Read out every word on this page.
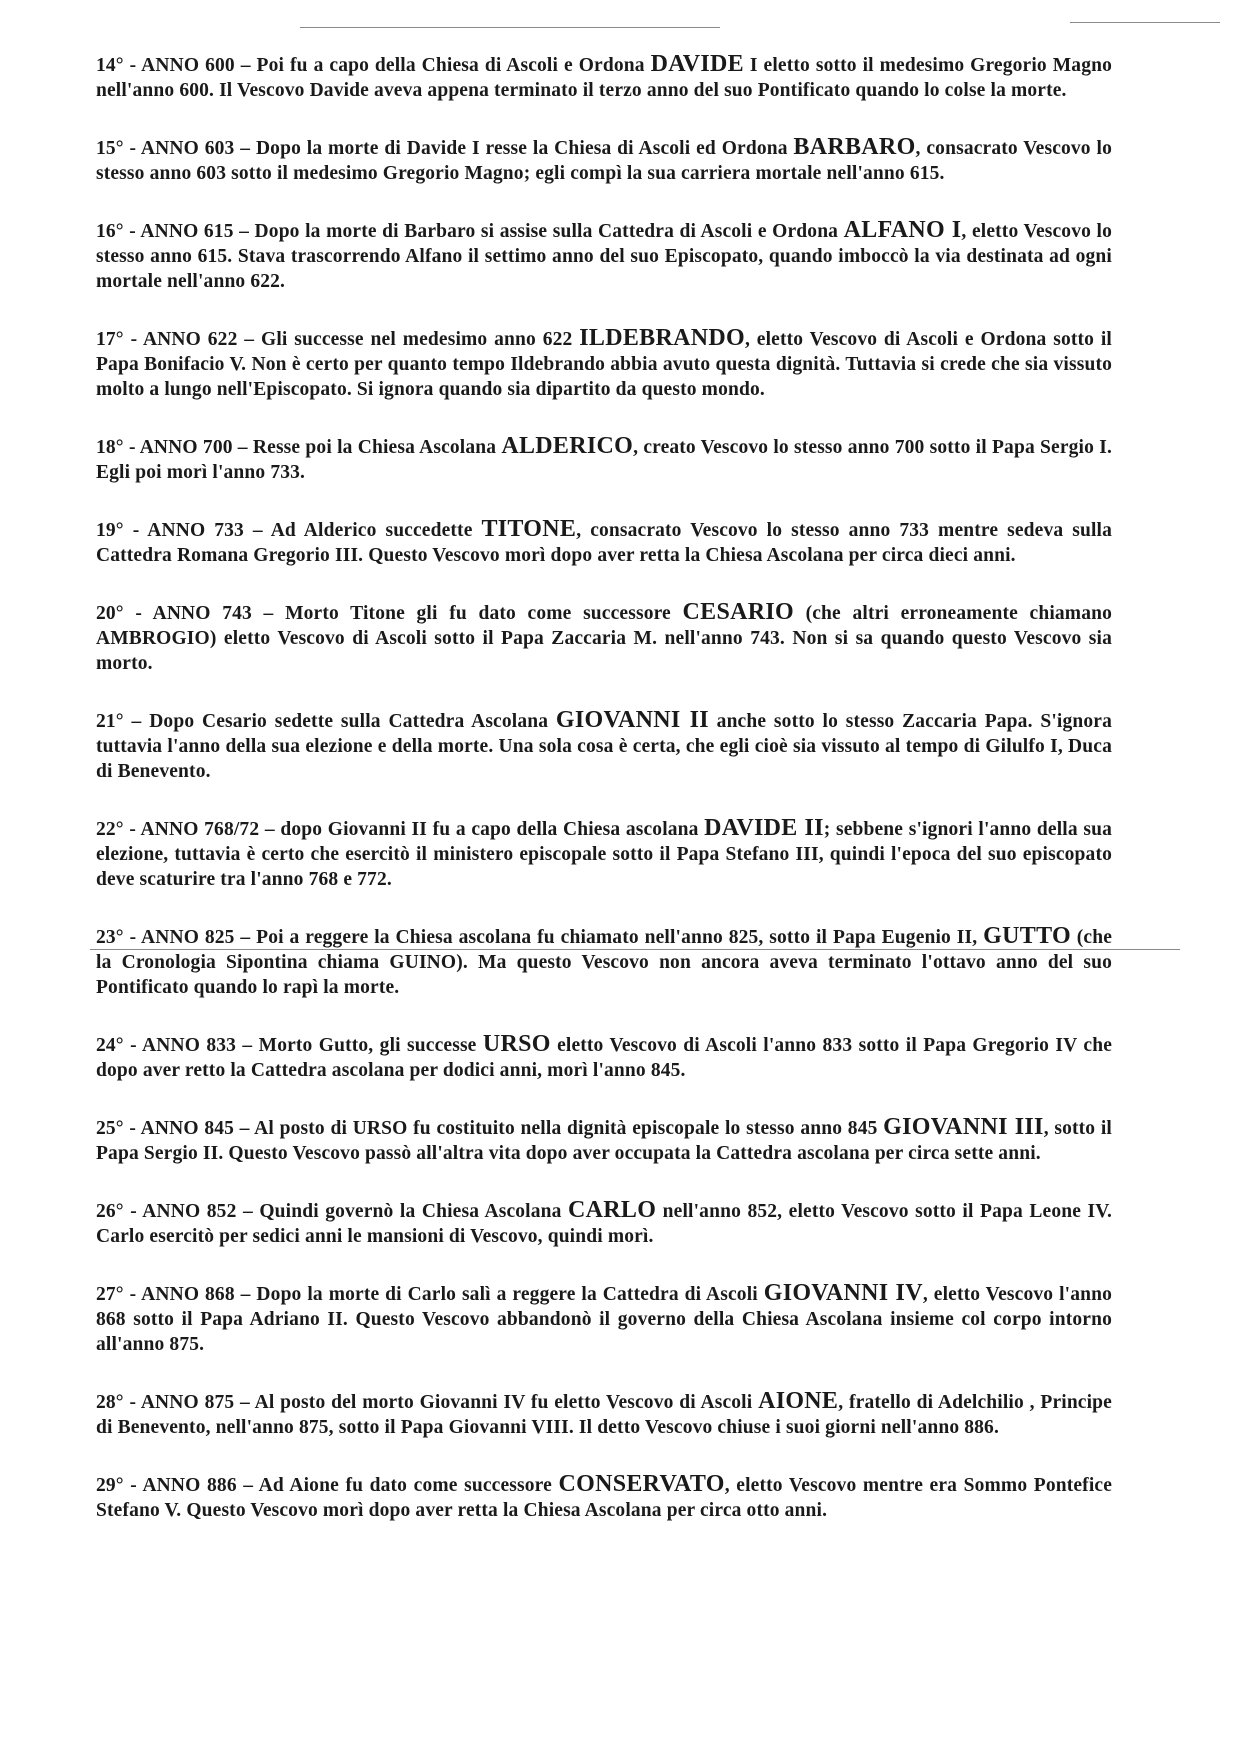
14° - ANNO 600 – Poi fu a capo della Chiesa di Ascoli e Ordona DAVIDE I eletto sotto il medesimo Gregorio Magno nell'anno 600. Il Vescovo Davide aveva appena terminato il terzo anno del suo Pontificato quando lo colse la morte.

15° - ANNO 603 – Dopo la morte di Davide I resse la Chiesa di Ascoli ed Ordona BARBARO, consacrato Vescovo lo stesso anno 603 sotto il medesimo Gregorio Magno; egli compì la sua carriera mortale nell'anno 615.

16° - ANNO 615 – Dopo la morte di Barbaro si assise sulla Cattedra di Ascoli e Ordona ALFANO I, eletto Vescovo lo stesso anno 615. Stava trascorrendo Alfano il settimo anno del suo Episcopato, quando imboccò la via destinata ad ogni mortale nell'anno 622.

17° - ANNO 622 – Gli successe nel medesimo anno 622 ILDEBRANDO, eletto Vescovo di Ascoli e Ordona sotto il Papa Bonifacio V. Non è certo per quanto tempo Ildebrando abbia avuto questa dignità. Tuttavia si crede che sia vissuto molto a lungo nell'Episcopato. Si ignora quando sia dipartito da questo mondo.

18° - ANNO 700 – Resse poi la Chiesa Ascolana ALDERICO, creato Vescovo lo stesso anno 700 sotto il Papa Sergio I. Egli poi morì l'anno 733.

19° - ANNO 733 – Ad Alderico succedette TITONE, consacrato Vescovo lo stesso anno 733 mentre sedeva sulla Cattedra Romana Gregorio III. Questo Vescovo morì dopo aver retta la Chiesa Ascolana per circa dieci anni.

20° - ANNO 743 – Morto Titone gli fu dato come successore CESARIO (che altri erroneamente chiamano AMBROGIO) eletto Vescovo di Ascoli sotto il Papa Zaccaria M. nell'anno 743. Non si sa quando questo Vescovo sia morto.

21° – Dopo Cesario sedette sulla Cattedra Ascolana GIOVANNI II anche sotto lo stesso Zaccaria Papa. S'ignora tuttavia l'anno della sua elezione e della morte. Una sola cosa è certa, che egli cioè sia vissuto al tempo di Gilulfo I, Duca di Benevento.

22° - ANNO 768/72 – dopo Giovanni II fu a capo della Chiesa ascolana DAVIDE II; sebbene s'ignori l'anno della sua elezione, tuttavia è certo che esercitò il ministero episcopale sotto il Papa Stefano III, quindi l'epoca del suo episcopato deve scaturire tra l'anno 768 e 772.

23° - ANNO 825 – Poi a reggere la Chiesa ascolana fu chiamato nell'anno 825, sotto il Papa Eugenio II, GUTTO (che la Cronologia Sipontina chiama GUINO). Ma questo Vescovo non ancora aveva terminato l'ottavo anno del suo Pontificato quando lo rapì la morte.

24° - ANNO 833 – Morto Gutto, gli successe URSO eletto Vescovo di Ascoli l'anno 833 sotto il Papa Gregorio IV che dopo aver retto la Cattedra ascolana per dodici anni, morì l'anno 845.

25° - ANNO 845 – Al posto di URSO fu costituito nella dignità episcopale lo stesso anno 845 GIOVANNI III, sotto il Papa Sergio II. Questo Vescovo passò all'altra vita dopo aver occupata la Cattedra ascolana per circa sette anni.

26° - ANNO 852 – Quindi governò la Chiesa Ascolana CARLO nell'anno 852, eletto Vescovo sotto il Papa Leone IV. Carlo esercitò per sedici anni le mansioni di Vescovo, quindi morì.

27° - ANNO 868 – Dopo la morte di Carlo salì a reggere la Cattedra di Ascoli GIOVANNI IV, eletto Vescovo l'anno 868 sotto il Papa Adriano II. Questo Vescovo abbandonò il governo della Chiesa Ascolana insieme col corpo intorno all'anno 875.

28° - ANNO 875 – Al posto del morto Giovanni IV fu eletto Vescovo di Ascoli AIONE, fratello di Adelchilio , Principe di Benevento, nell'anno 875, sotto il Papa Giovanni VIII. Il detto Vescovo chiuse i suoi giorni nell'anno 886.

29° - ANNO 886 – Ad Aione fu dato come successore CONSERVATO, eletto Vescovo mentre era Sommo Pontefice Stefano V. Questo Vescovo morì dopo aver retta la Chiesa Ascolana per circa otto anni.
